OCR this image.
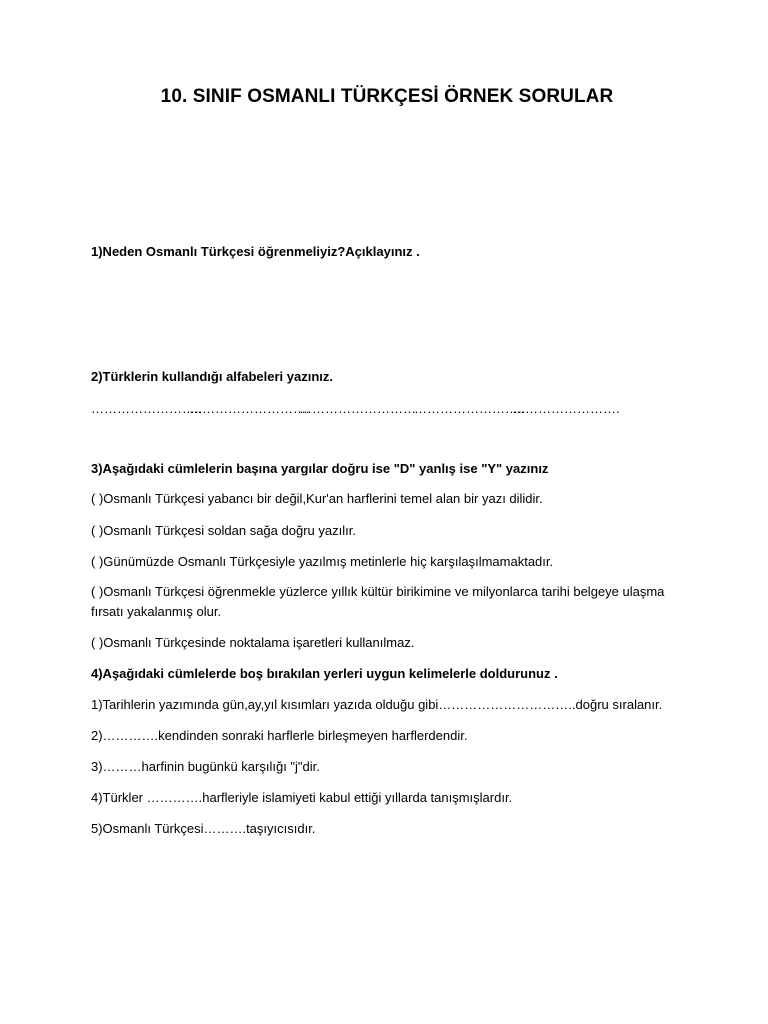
10. SINIF OSMANLI TÜRKÇESİ ÖRNEK SORULAR
1)Neden Osmanlı Türkçesi öğrenmeliyiz?Açıklayınız .
2)Türklerin kullandığı alfabeleri yazınız.
……………………..
……………………….
………………………
……………………..
…………………….
3)Aşağıdaki cümlelerin başına yargılar doğru ise "D" yanlış ise "Y" yazınız
( )Osmanlı Türkçesi yabancı bir değil,Kur'an harflerini temel alan bir yazı dilidir.
( )Osmanlı Türkçesi soldan sağa doğru yazılır.
( )Günümüzde Osmanlı Türkçesiyle yazılmış metinlerle hiç karşılaşılmamaktadır.
( )Osmanlı Türkçesi öğrenmekle yüzlerce yıllık kültür birikimine ve milyonlarca tarihi belgeye ulaşma fırsatı yakalanmış olur.
( )Osmanlı Türkçesinde noktalama işaretleri kullanılmaz.
4)Aşağıdaki cümlelerde boş bırakılan yerleri uygun kelimelerle doldurunuz .
1)Tarihlerin yazımında gün,ay,yıl kısımları yazıda olduğu gibi…………………………..doğru sıralanır.
2)………….kendinden sonraki harflerle birleşmeyen harflerdendir.
3)………harfinin bugünkü karşılığı "j"dir.
4)Türkler ………….harfleriyle islamiyeti kabul ettiği yıllarda tanışmışlardır.
5)Osmanlı Türkçesi……….taşıyıcısıdır.
